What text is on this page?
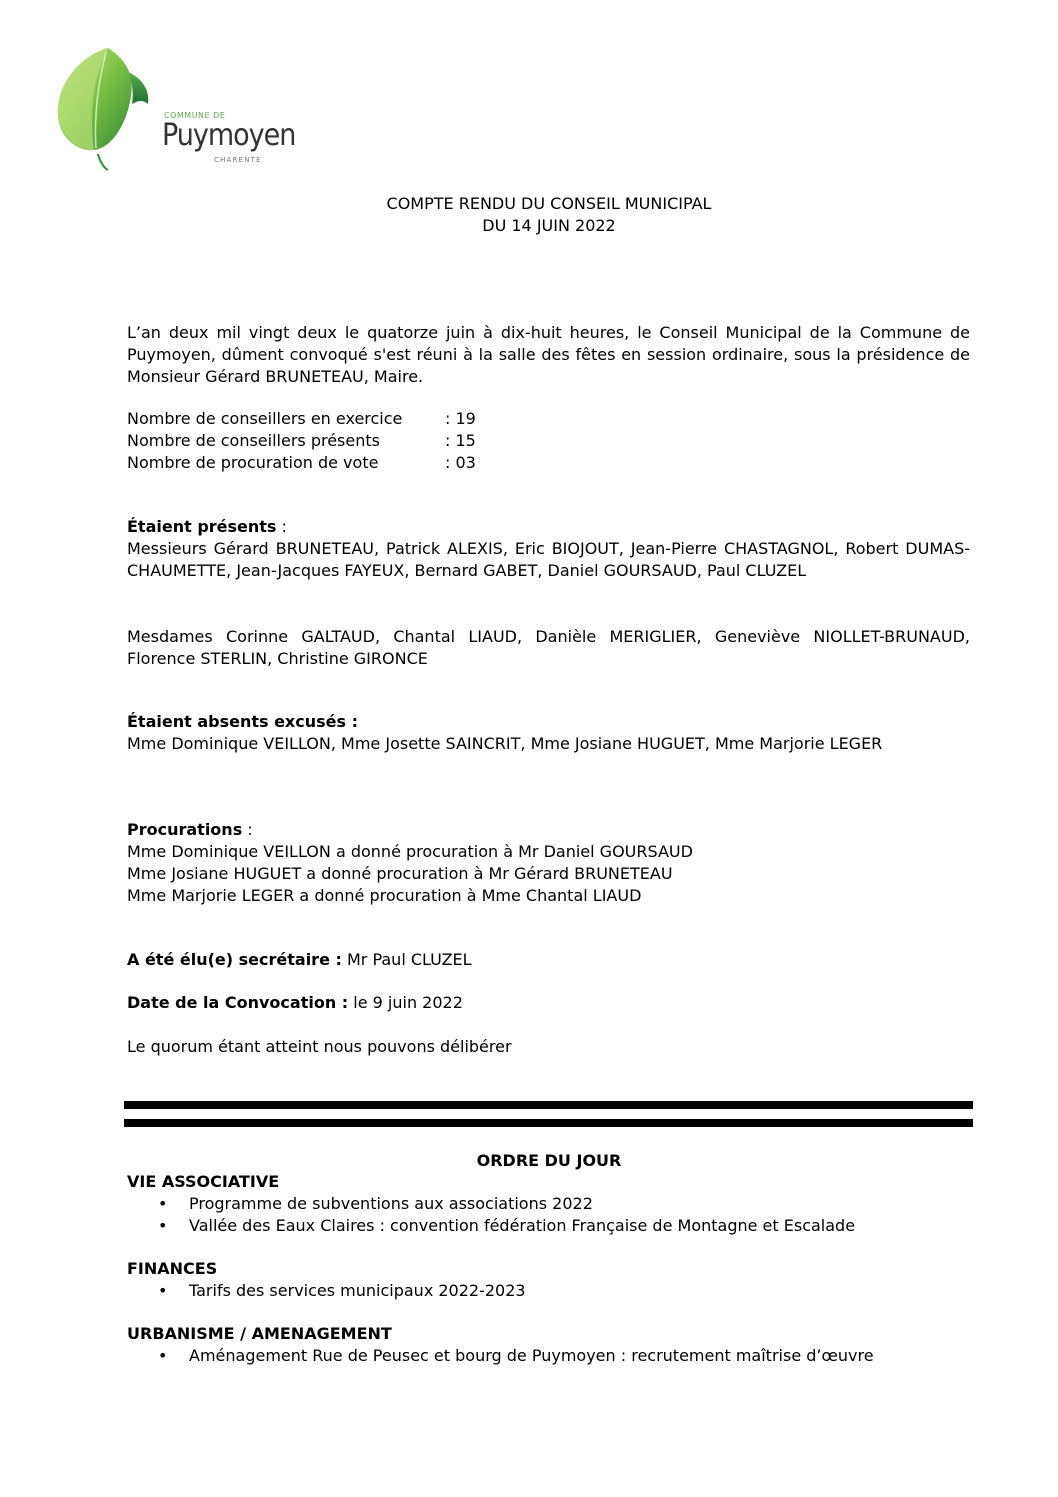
COMMUNE DE
Puymoyen
CHARENTE
COMPTE RENDU DU CONSEIL MUNICIPAL
DU 14 JUIN 2022
L’an deux mil vingt deux le quatorze juin à dix-huit heures, le Conseil Municipal de la Commune de Puymoyen, dûment convoqué s'est réuni à la salle des fêtes en session ordinaire, sous la présidence de Monsieur Gérard BRUNETEAU, Maire.
Nombre de conseillers en exercice	: 19
Nombre de conseillers présents	: 15
Nombre de procuration de vote	: 03
Étaient présents :
Messieurs Gérard BRUNETEAU, Patrick ALEXIS, Eric BIOJOUT, Jean-Pierre CHASTAGNOL, Robert DUMAS-CHAUMETTE, Jean-Jacques FAYEUX, Bernard GABET, Daniel GOURSAUD, Paul CLUZEL
Mesdames Corinne GALTAUD, Chantal LIAUD, Danièle MERIGLIER, Geneviève NIOLLET-BRUNAUD, Florence STERLIN, Christine GIRONCE
Étaient absents excusés :
Mme Dominique VEILLON, Mme Josette SAINCRIT, Mme Josiane HUGUET, Mme Marjorie LEGER
Procurations :
Mme Dominique VEILLON a donné procuration à Mr Daniel GOURSAUD
Mme Josiane HUGUET a donné procuration à Mr Gérard BRUNETEAU
Mme Marjorie LEGER a donné procuration à Mme Chantal LIAUD
A été élu(e) secrétaire : Mr Paul CLUZEL
Date de la Convocation : le 9 juin 2022
Le quorum étant atteint nous pouvons délibérer
ORDRE DU JOUR
VIE ASSOCIATIVE
• Programme de subventions aux associations 2022
• Vallée des Eaux Claires : convention fédération Française de Montagne et Escalade
FINANCES
• Tarifs des services municipaux 2022-2023
URBANISME / AMENAGEMENT
• Aménagement Rue de Peusec et bourg de Puymoyen : recrutement maîtrise d’œuvre
